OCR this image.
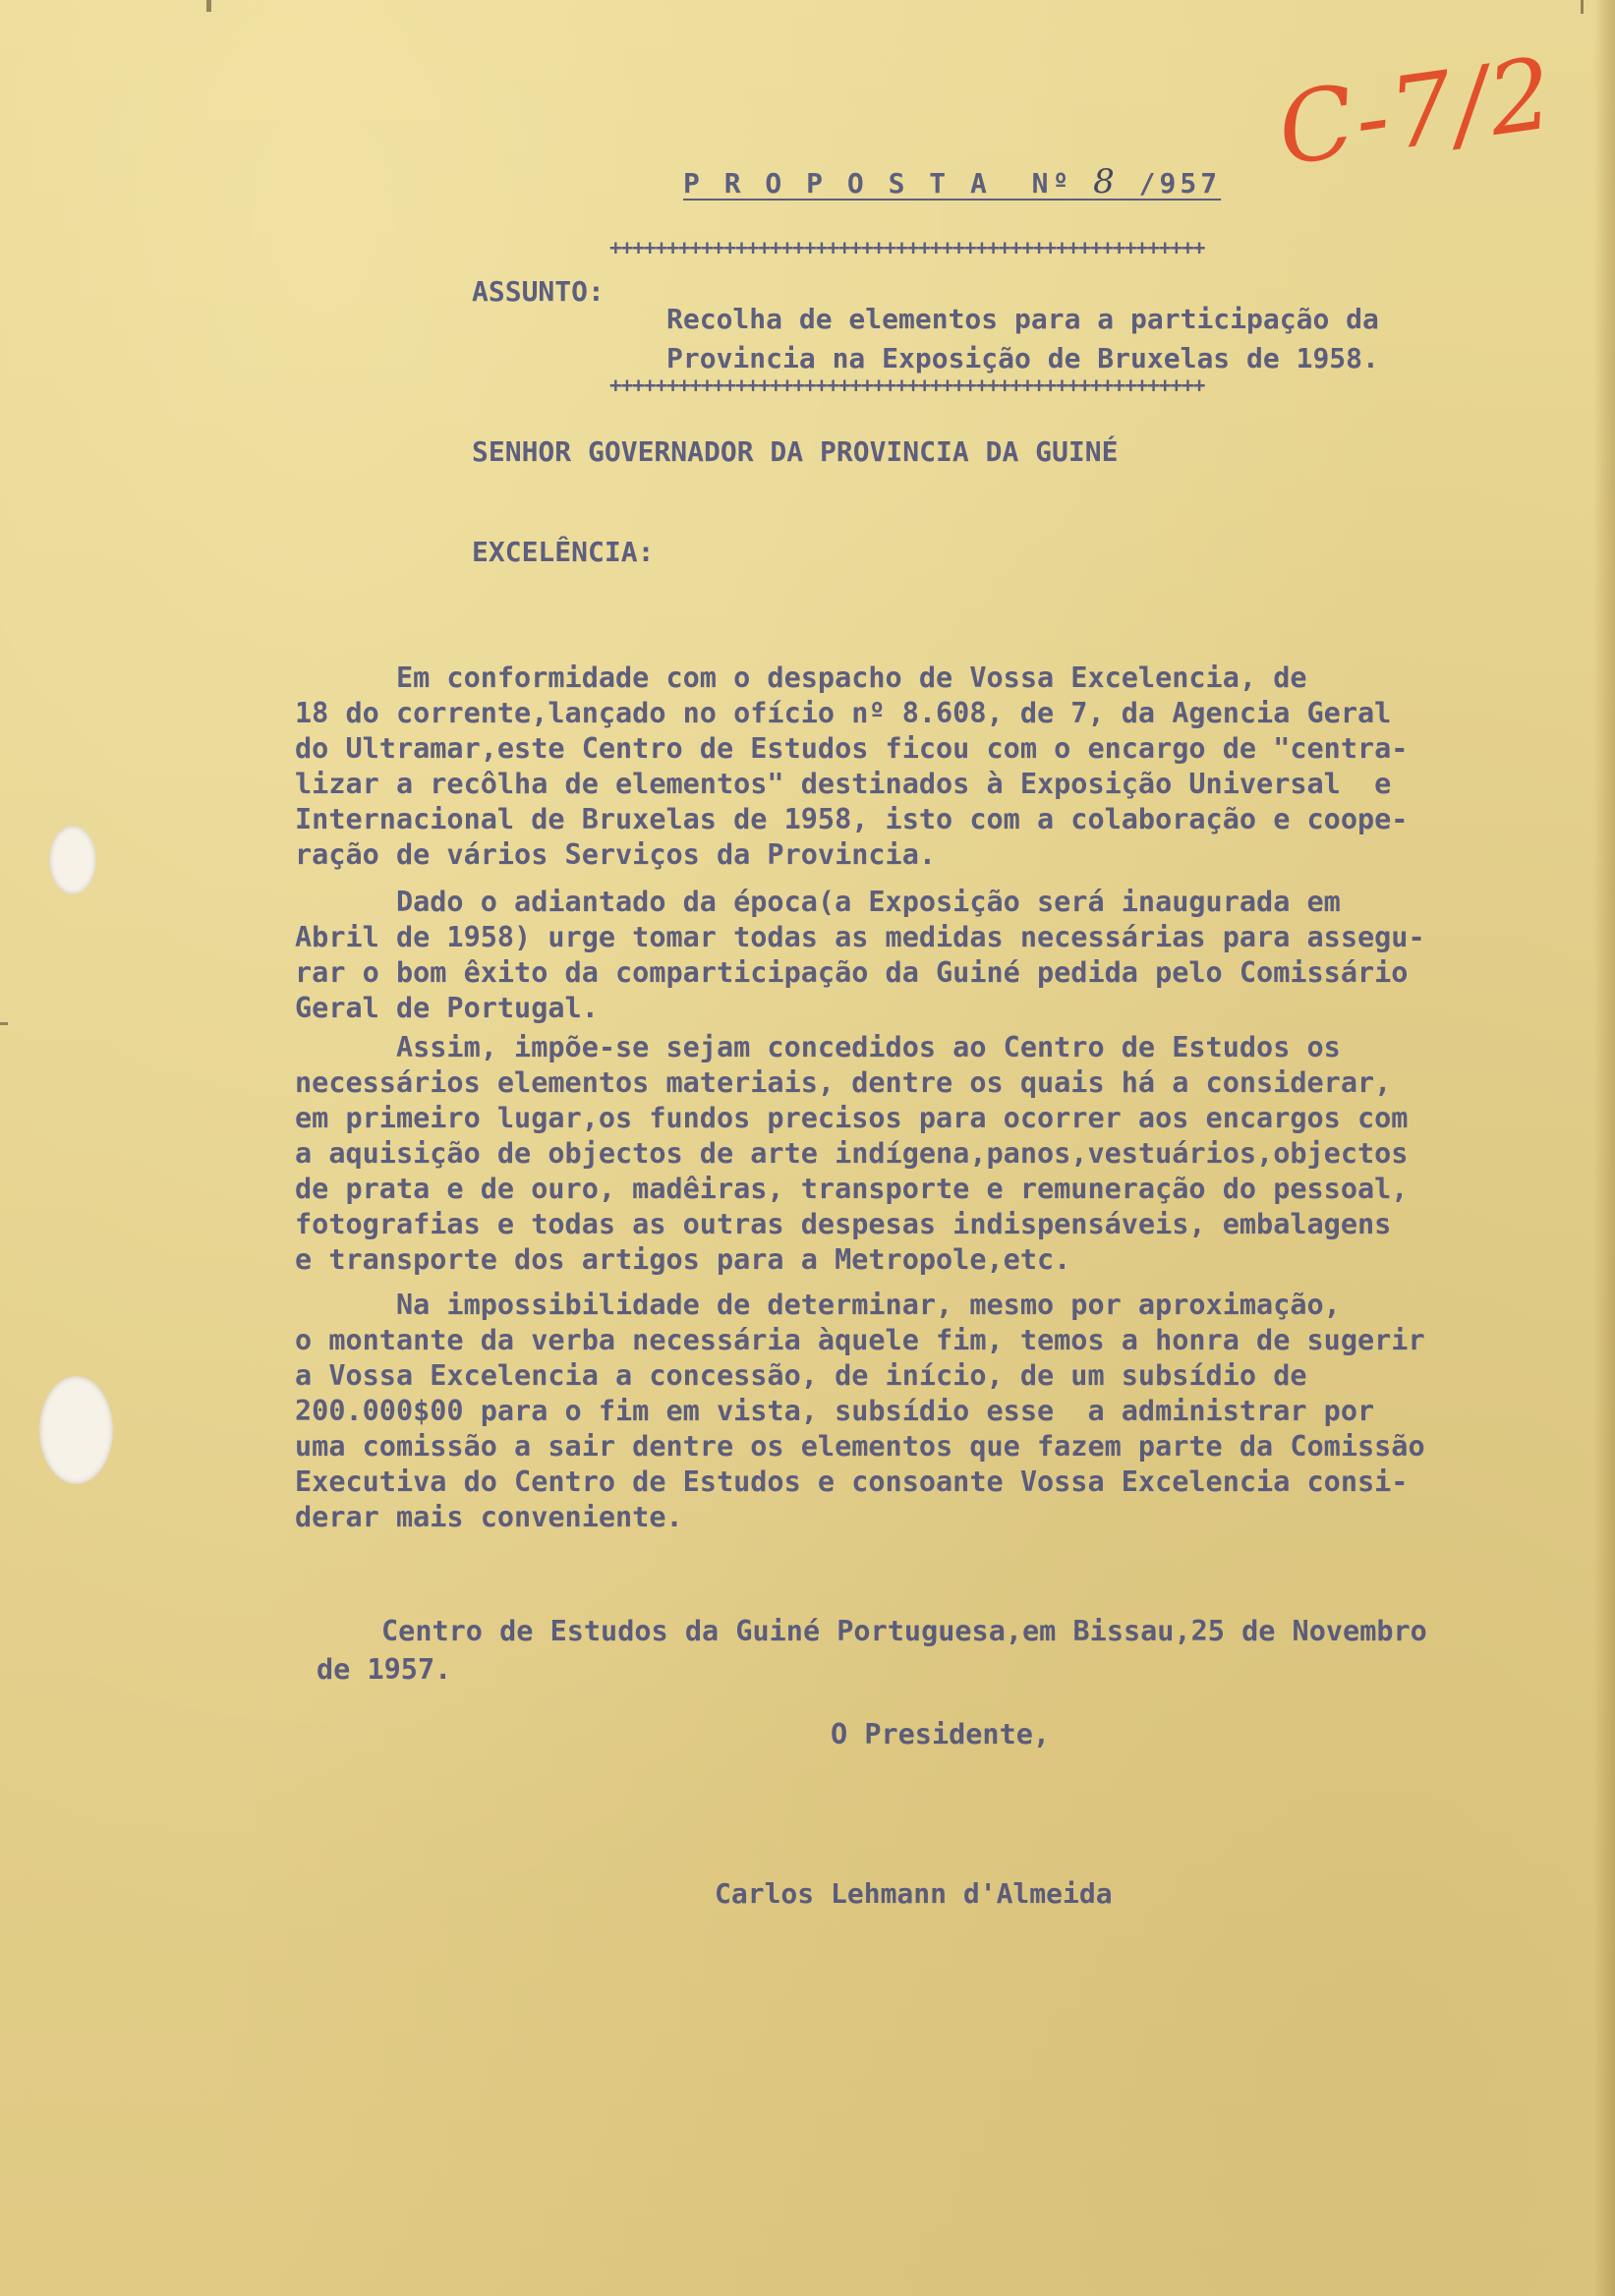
C-7/2
P R O P O S T A  Nº 8 /957
++++++++++++++++++++++++++++++++++++++++++++++++++++
ASSUNTO:
Recolha de elementos para a participação da
Provincia na Exposição de Bruxelas de 1958.
++++++++++++++++++++++++++++++++++++++++++++++++++++
SENHOR GOVERNADOR DA PROVINCIA DA GUINÉ
EXCELÊNCIA:
Em conformidade com o despacho de Vossa Excelencia, de
18 do corrente,lançado no ofício nº 8.608, de 7, da Agencia Geral
do Ultramar,este Centro de Estudos ficou com o encargo de "centra-
lizar a recôlha de elementos" destinados à Exposição Universal  e
Internacional de Bruxelas de 1958, isto com a colaboração e coope-
ração de vários Serviços da Provincia.
Dado o adiantado da época(a Exposição será inaugurada em
Abril de 1958) urge tomar todas as medidas necessárias para assegu-
rar o bom êxito da comparticipação da Guiné pedida pelo Comissário
Geral de Portugal.
Assim, impõe-se sejam concedidos ao Centro de Estudos os
necessários elementos materiais, dentre os quais há a considerar,
em primeiro lugar,os fundos precisos para ocorrer aos encargos com
a aquisição de objectos de arte indígena,panos,vestuários,objectos
de prata e de ouro, madêiras, transporte e remuneração do pessoal,
fotografias e todas as outras despesas indispensáveis, embalagens
e transporte dos artigos para a Metropole,etc.
Na impossibilidade de determinar, mesmo por aproximação,
o montante da verba necessária àquele fim, temos a honra de sugerir
a Vossa Excelencia a concessão, de início, de um subsídio de
200.000$00 para o fim em vista, subsídio esse  a administrar por
uma comissão a sair dentre os elementos que fazem parte da Comissão
Executiva do Centro de Estudos e consoante Vossa Excelencia consi-
derar mais conveniente.
Centro de Estudos da Guiné Portuguesa,em Bissau,25 de Novembro
de 1957.
O Presidente,
Carlos Lehmann d'Almeida
